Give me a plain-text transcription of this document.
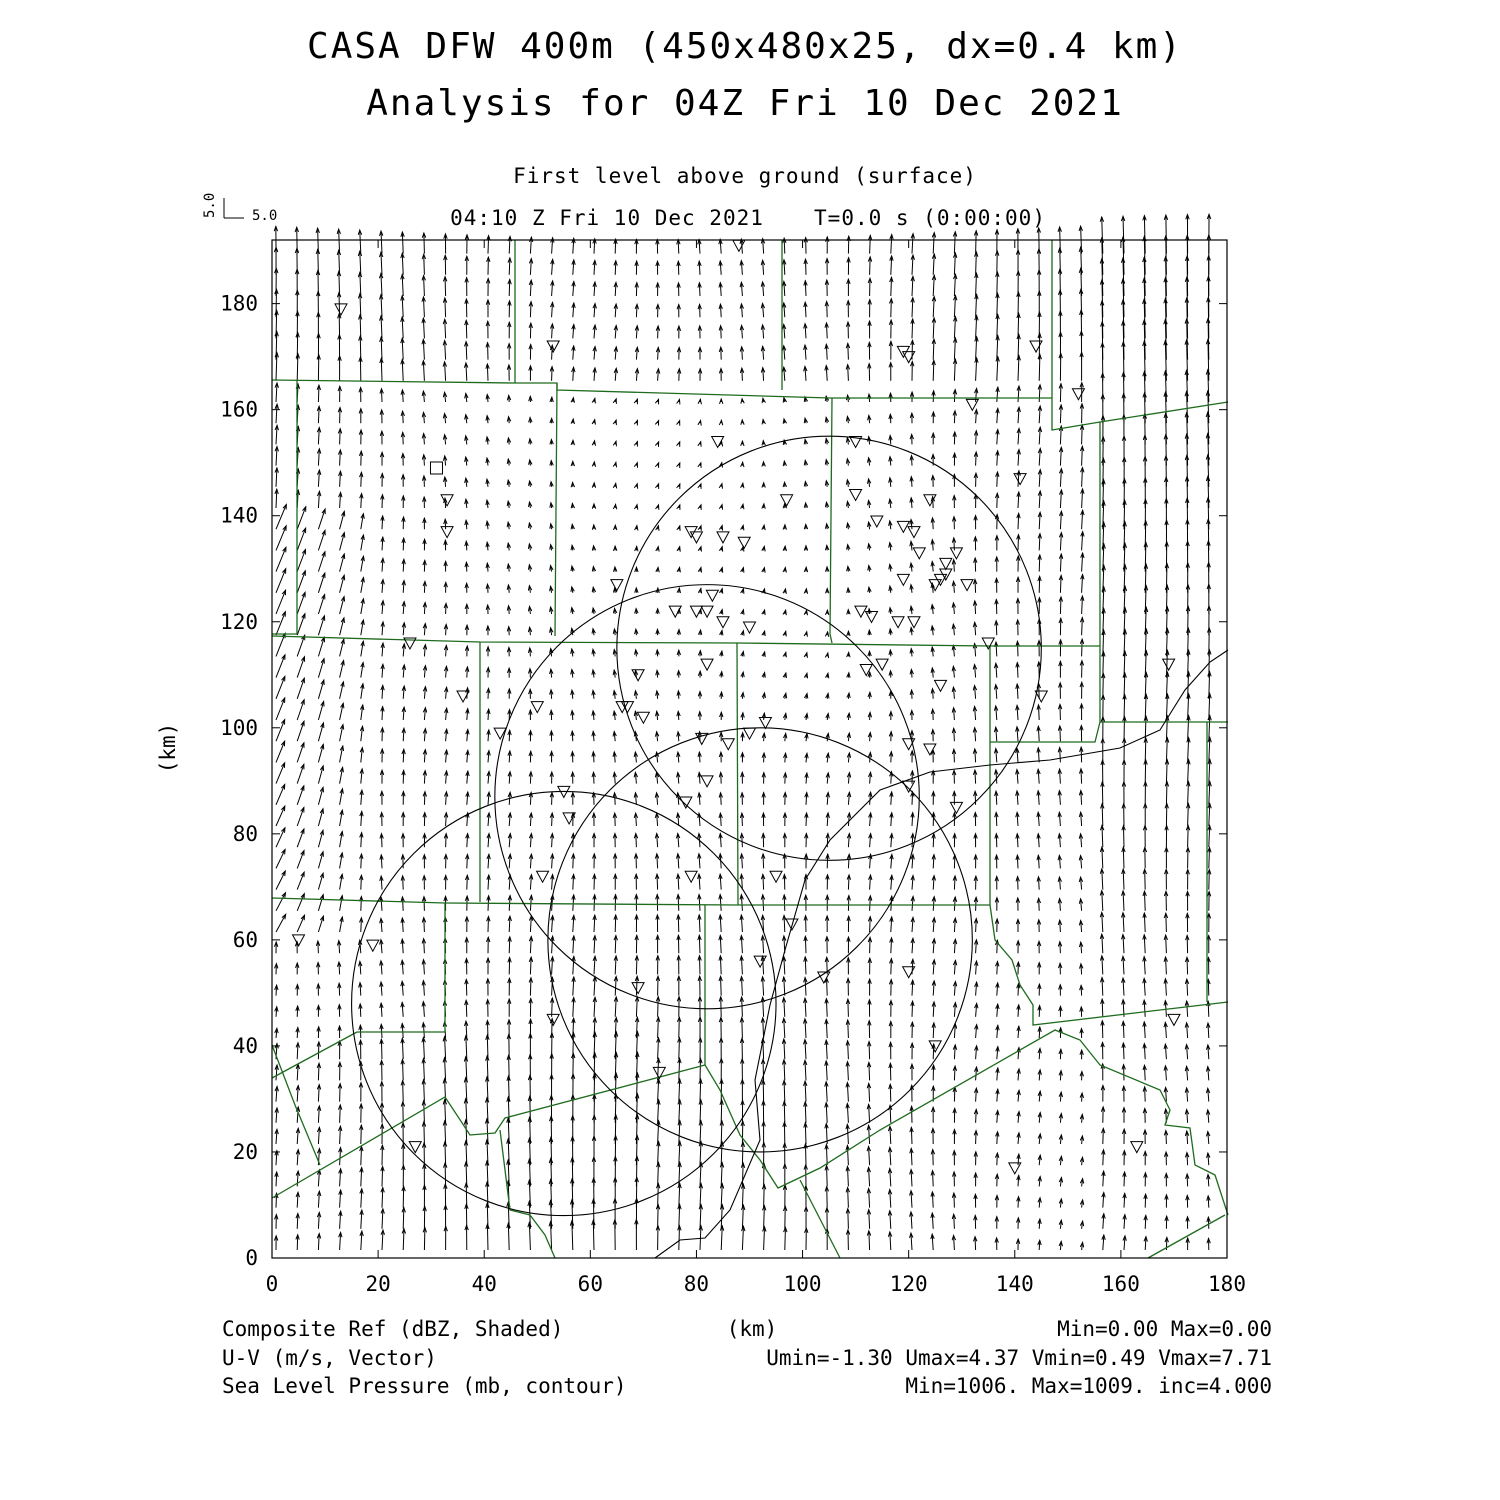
CASA DFW 400m (450x480x25, dx=0.4 km)
Analysis for 04Z Fri 10 Dec 2021
First level above ground (surface)
04:10 Z Fri 10 Dec 2021 T=0.0 s (0:00:00)
5.0
5.0
0	20	40	60	80	100	120	140	160	180
0
20
40
60
80
100
120
140
160
180
(km)
(km)
Composite Ref (dBZ, Shaded)	Min=0.00 Max=0.00
U-V (m/s, Vector)	Umin=-1.30 Umax=4.37 Vmin=0.49 Vmax=7.71
Sea Level Pressure (mb, contour)	Min=1006. Max=1009. inc=4.000
